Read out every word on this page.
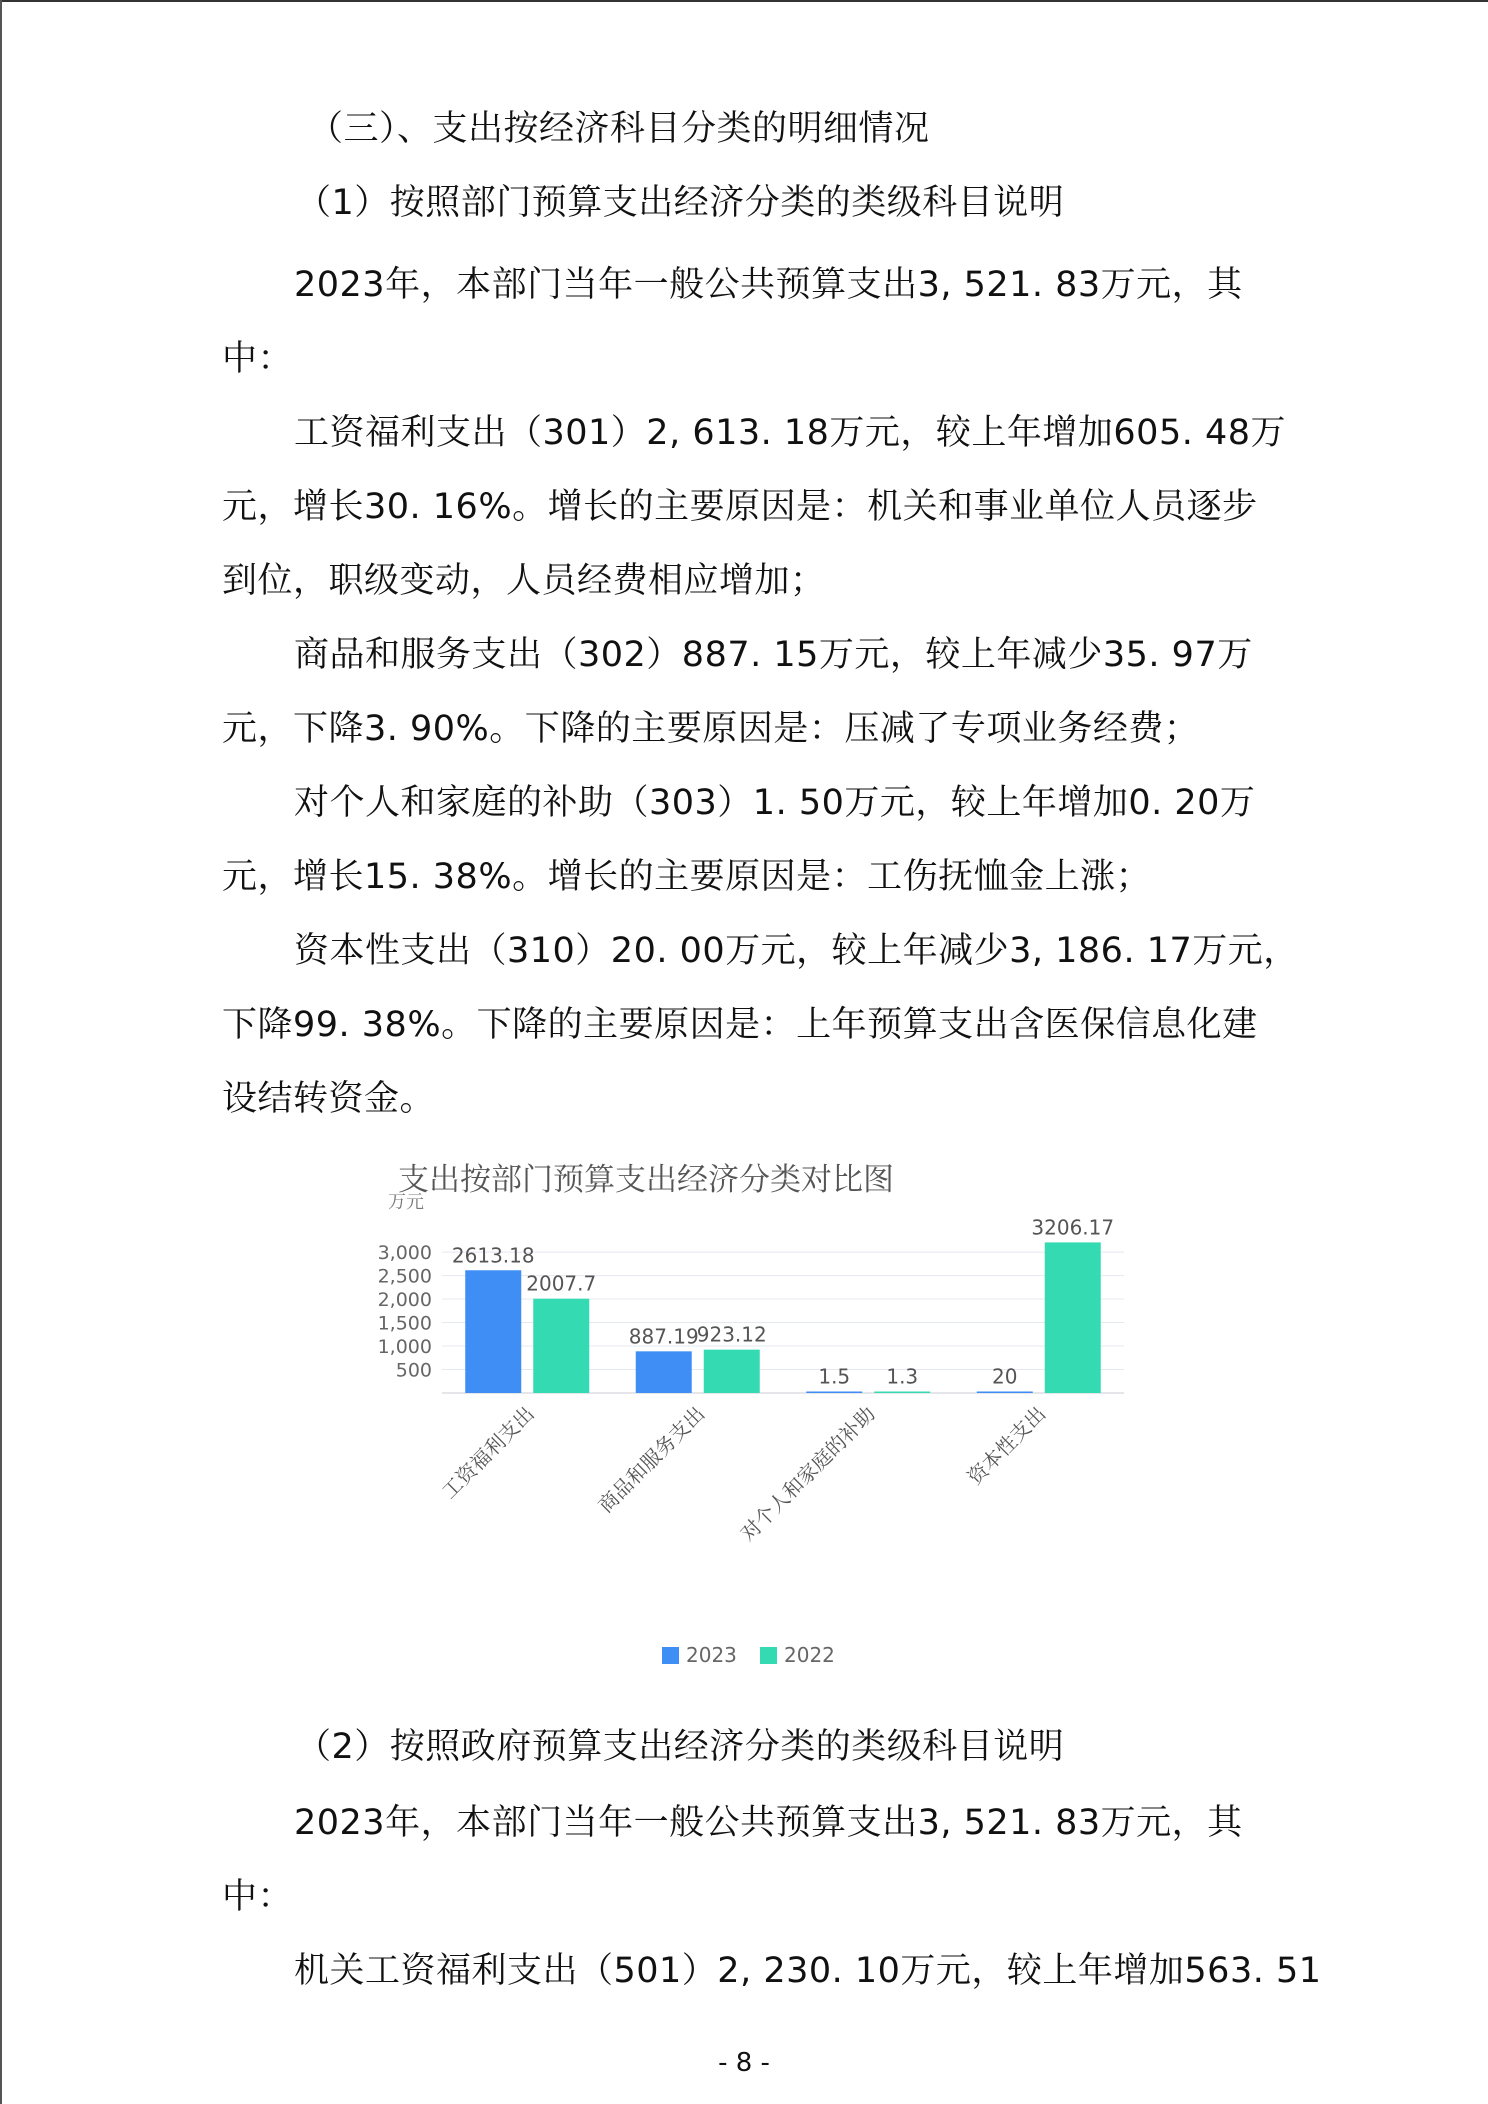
（三）、支出按经济科目分类的明细情况
（1）按照部门预算支出经济分类的类级科目说明
2023年，本部门当年一般公共预算支出3, 521. 83万元，其
中：
工资福利支出（301）2, 613. 18万元，较上年增加605. 48万
元，增长30. 16%。增长的主要原因是：机关和事业单位人员逐步
到位，职级变动，人员经费相应增加；
商品和服务支出（302）887. 15万元，较上年减少35. 97万
元，下降3. 90%。下降的主要原因是：压减了专项业务经费；
对个人和家庭的补助（303）1. 50万元，较上年增加0. 20万
元，增长15. 38%。增长的主要原因是：工伤抚恤金上涨；
资本性支出（310）20. 00万元，较上年减少3, 186. 17万元，
下降99. 38%。下降的主要原因是：上年预算支出含医保信息化建
设结转资金。
（2）按照政府预算支出经济分类的类级科目说明
2023年，本部门当年一般公共预算支出3, 521. 83万元，其
中：
机关工资福利支出（501）2, 230. 10万元，较上年增加563. 51
支出按部门预算支出经济分类对比图
万元
3,000
2,500
2,000
1,500
1,000
500
2613.18
2007.7
887.19
923.12
1.5 1.3	20
3206.17
工资福利支出	商品和服务支出 对个人和家庭的补助	资本性支出
2023 2022
- 8 -
